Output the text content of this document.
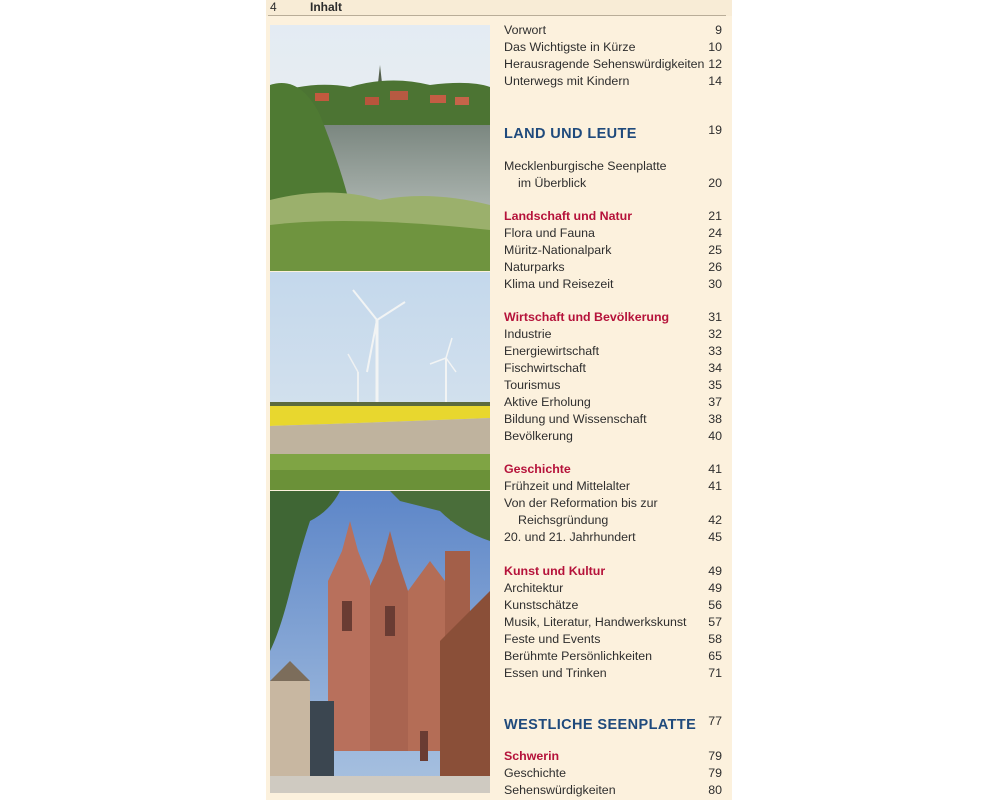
4	Inhalt
Vorwort	9
Das Wichtigste in Kürze	10
Herausragende Sehenswürdigkeiten 12
Unterwegs mit Kindern	14
LAND UND LEUTE	19
Mecklenburgische Seenplatte
im Überblick	20
Landschaft und Natur	21
Flora und Fauna	24
Müritz-Nationalpark	25
Naturparks	26
Klima und Reisezeit	30
Wirtschaft und Bevölkerung	31
Industrie	32
Energiewirtschaft	33
Fischwirtschaft	34
Tourismus	35
Aktive Erholung	37
Bildung und Wissenschaft	38
Bevölkerung	40
Geschichte	41
Frühzeit und Mittelalter	41
Von der Reformation bis zur
Reichsgründung	42
20. und 21. Jahrhundert	45
Kunst und Kultur	49
Architektur	49
Kunstschätze	56
Musik, Literatur, Handwerkskunst 57
Feste und Events	58
Berühmte Persönlichkeiten	65
Essen und Trinken	71
WESTLICHE SEENPLATTE 77
Schwerin	79
Geschichte	79
Sehenswürdigkeiten	80
